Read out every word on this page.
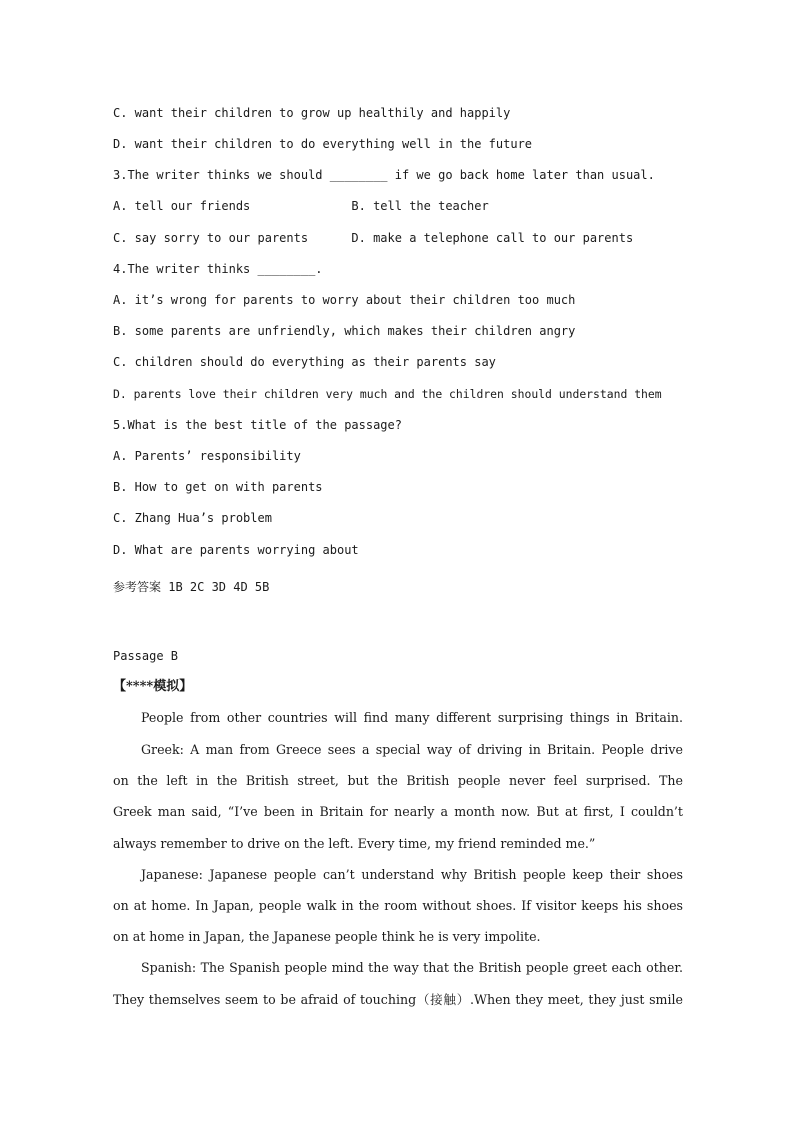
C. want their children to grow up healthily and happily
D. want their children to do everything well in the future
3.The writer thinks we should ________ if we go back home later than usual.
A. tell our friends              B. tell the teacher
C. say sorry to our parents      D. make a telephone call to our parents
4.The writer thinks ________.
A. it’s wrong for parents to worry about their children too much
B. some parents are unfriendly, which makes their children angry
C. children should do everything as their parents say
D. parents love their children very much and the children should understand them
5.What is the best title of the passage?
A. Parents’ responsibility
B. How to get on with parents
C. Zhang Hua’s problem
D. What are parents worrying about
参考答案 1B 2C 3D 4D 5B
Passage B
【****模拟】
People from other countries will find many different surprising things in Britain.
Greek: A man from Greece sees a special way of driving in Britain. People drive
on the left in the British street, but the British people never feel surprised. The
Greek man said, “I’ve been in Britain for nearly a month now. But at first, I couldn’t
always remember to drive on the left. Every time, my friend reminded me.”
Japanese: Japanese people can’t understand why British people keep their shoes
on at home. In Japan, people walk in the room without shoes. If visitor keeps his shoes
on at home in Japan, the Japanese people think he is very impolite.
Spanish: The Spanish people mind the way that the British people greet each other.
They themselves seem to be afraid of touching（接触）.When they meet, they just smile
